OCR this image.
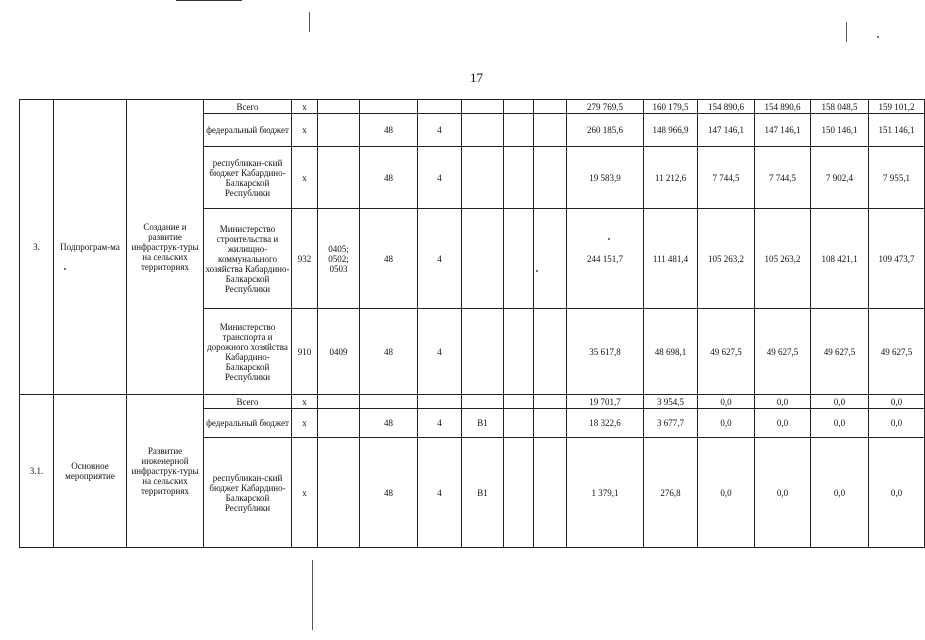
17
3.	Подпрограм-ма	Создание и развитие инфраструк-туры на сельских территориях	Всего	х							279 769,5	160 179,5	154 890,6	154 890,6	158 048,5	159 101,2
			федеральный бюджет	х		48	4				260 185,6	148 966,9	147 146,1	147 146,1	150 146,1	151 146,1
			республикан-ский бюджет Кабардино-Балкарской Республики	х		48	4				19 583,9	11 212,6	7 744,5	7 744,5	7 902,4	7 955,1
			Министерство строительства и жилищно-коммунального хозяйства Кабардино-Балкарской Республики	932	0405; 0502; 0503	48	4				244 151,7	111 481,4	105 263,2	105 263,2	108 421,1	109 473,7
			Министерство транспорта и дорожного хозяйства Кабардино-Балкарской Республики	910	0409	48	4				35 617,8	48 698,1	49 627,5	49 627,5	49 627,5	49 627,5
3.1.	Основное мероприятие	Развитие инженерной инфраструк-туры на сельских территориях	Всего	х							19 701,7	3 954,5	0,0	0,0	0,0	0,0
			федеральный бюджет	х		48	4	В1			18 322,6	3 677,7	0,0	0,0	0,0	0,0
			республикан-ский бюджет Кабардино-Балкарской Республики	х		48	4	В1			1 379,1	276,8	0,0	0,0	0,0	0,0
